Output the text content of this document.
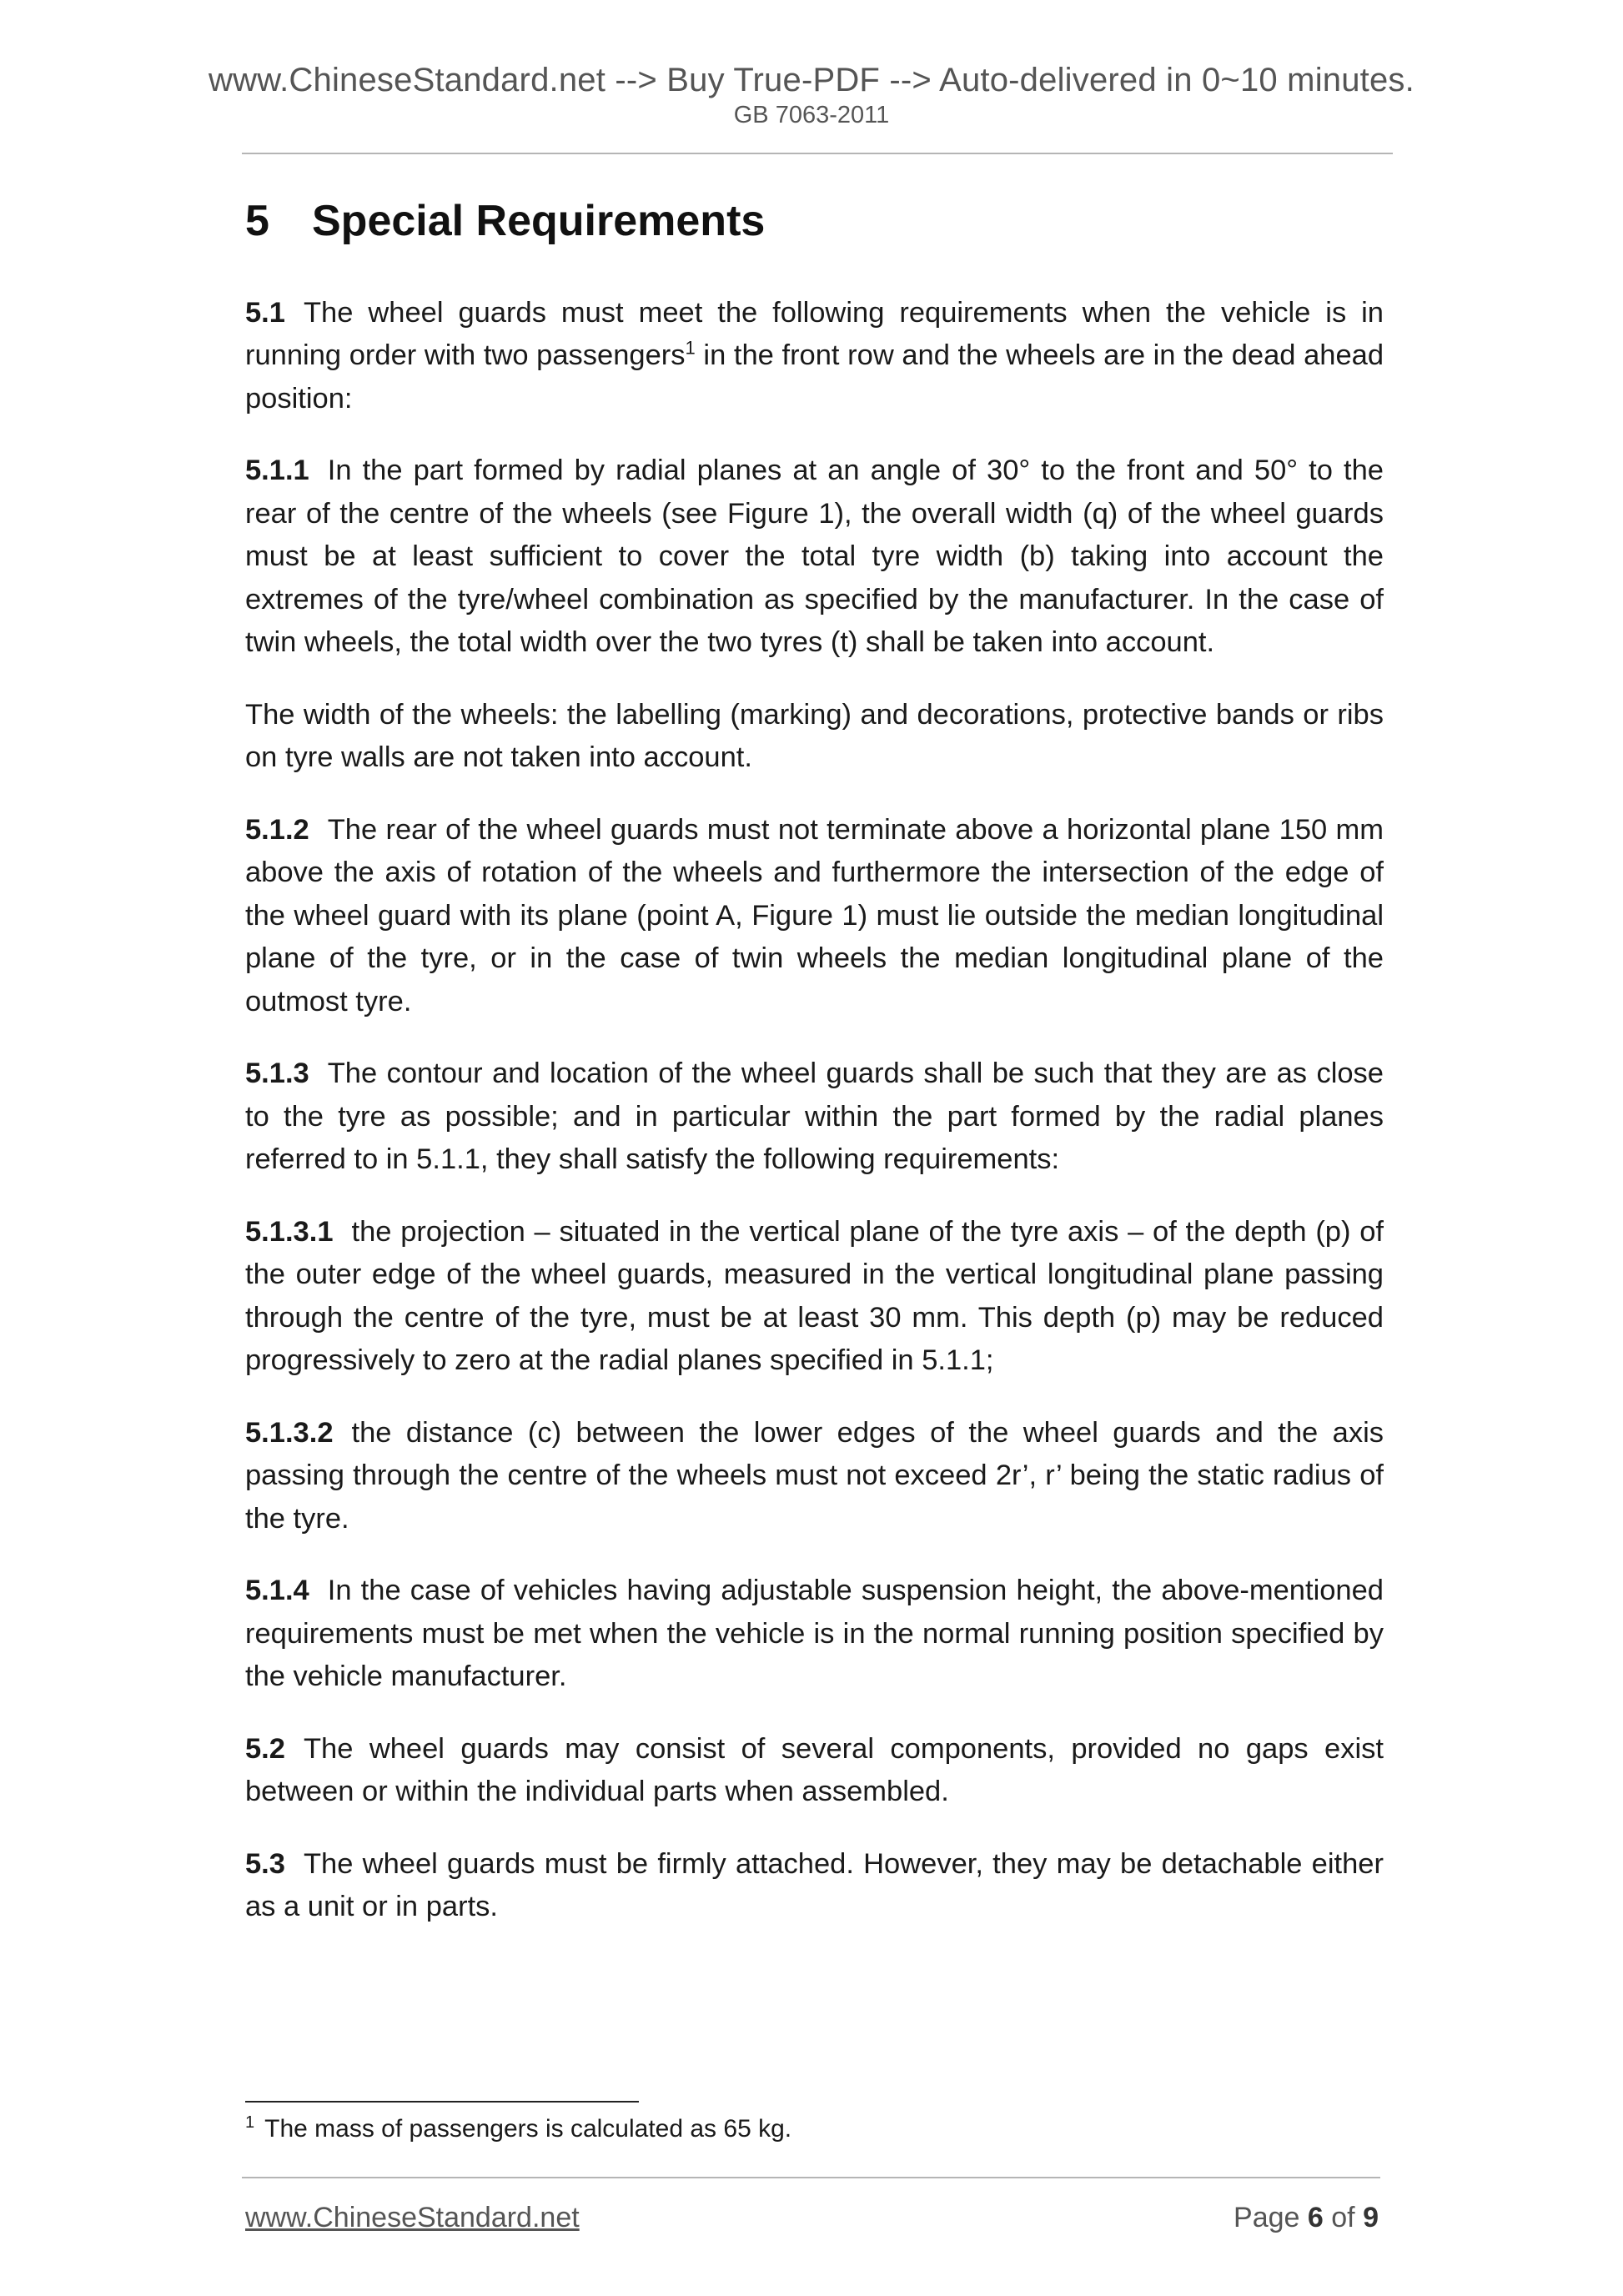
www.ChineseStandard.net --> Buy True-PDF --> Auto-delivered in 0~10 minutes.
GB 7063-2011
5 Special Requirements

5.1 The wheel guards must meet the following requirements when the vehicle is in running order with two passengers$^1$ in the front row and the wheels are in the dead ahead position:

5.1.1 In the part formed by radial planes at an angle of 30° to the front and 50° to the rear of the centre of the wheels (see Figure 1), the overall width (q) of the wheel guards must be at least sufficient to cover the total tyre width (b) taking into account the extremes of the tyre/wheel combination as specified by the manufacturer. In the case of twin wheels, the total width over the two tyres (t) shall be taken into account.

The width of the wheels: the labelling (marking) and decorations, protective bands or ribs on tyre walls are not taken into account.

5.1.2 The rear of the wheel guards must not terminate above a horizontal plane 150 mm above the axis of rotation of the wheels and furthermore the intersection of the edge of the wheel guard with its plane (point A, Figure 1) must lie outside the median longitudinal plane of the tyre, or in the case of twin wheels the median longitudinal plane of the outmost tyre.

5.1.3 The contour and location of the wheel guards shall be such that they are as close to the tyre as possible; and in particular within the part formed by the radial planes referred to in 5.1.1, they shall satisfy the following requirements:

5.1.3.1 the projection – situated in the vertical plane of the tyre axis – of the depth (p) of the outer edge of the wheel guards, measured in the vertical longitudinal plane passing through the centre of the tyre, must be at least 30 mm. This depth (p) may be reduced progressively to zero at the radial planes specified in 5.1.1;

5.1.3.2 the distance (c) between the lower edges of the wheel guards and the axis passing through the centre of the wheels must not exceed 2r’, r’ being the static radius of the tyre.

5.1.4 In the case of vehicles having adjustable suspension height, the above-mentioned requirements must be met when the vehicle is in the normal running position specified by the vehicle manufacturer.

5.2 The wheel guards may consist of several components, provided no gaps exist between or within the individual parts when assembled.

5.3 The wheel guards must be firmly attached. However, they may be detachable either as a unit or in parts.

$^1$ The mass of passengers is calculated as 65 kg.
www.ChineseStandard.net	Page 6 of 9
